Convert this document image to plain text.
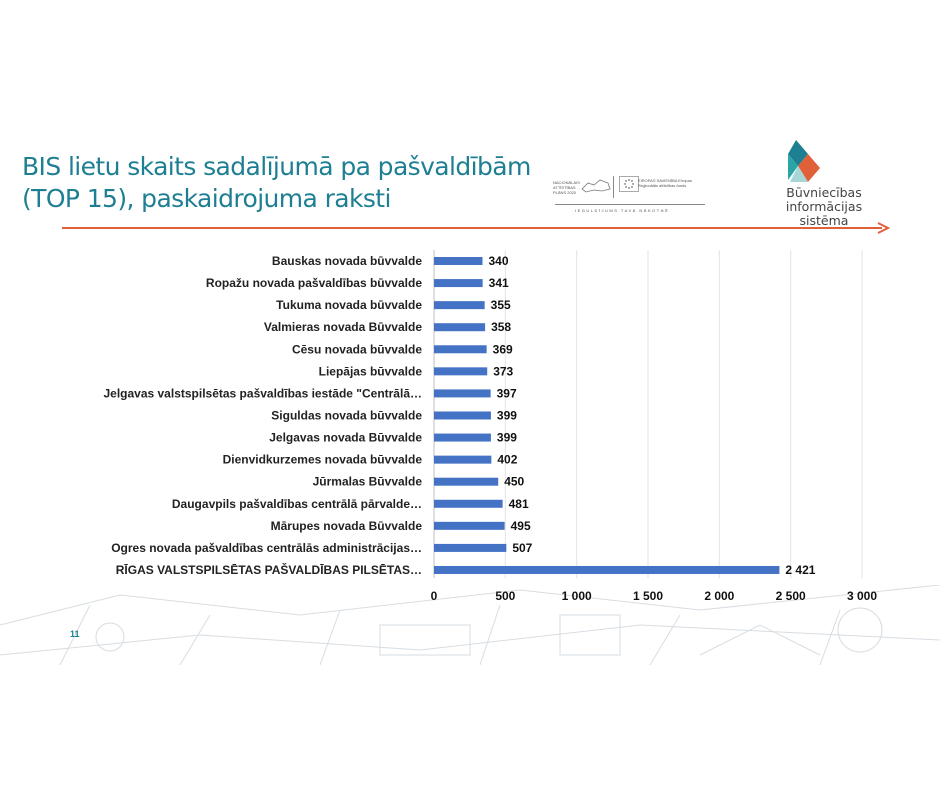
BIS lietu skaits sadalījumā pa pašvaldībām
(TOP 15), paskaidrojuma raksti
NACIONĀLAIS ATTĪSTĪBAS PLĀNS 2020
EIROPAS SAVIENĪBA Eiropas Reģionālās attīstības fonds
IEGULDĪJUMS TAVĀ NĀKOTNĒ
Būvniecības informācijas
sistēma
Bauskas novada būvvalde
Ropažu novada pašvaldības būvvalde
Tukuma novada būvvalde
Valmieras novada Būvvalde
Cēsu novada būvvalde
Liepājas būvvalde
Jelgavas valstspilsētas pašvaldības iestāde "Centrālā…
Siguldas novada būvvalde
Jelgavas novada Būvvalde
Dienvidkurzemes novada būvvalde
Jūrmalas Būvvalde
Daugavpils pašvaldības centrālā pārvalde…
Mārupes novada Būvvalde
Ogres novada pašvaldības centrālās administrācijas…
RĪGAS VALSTSPILSĒTAS PAŠVALDĪBAS PILSĒTAS…
340
341
355
358
369
373
397
399
399
402
450
481
495
507
2 421
0	500	1 000	1 500	2 000	2 500	3 000
11
